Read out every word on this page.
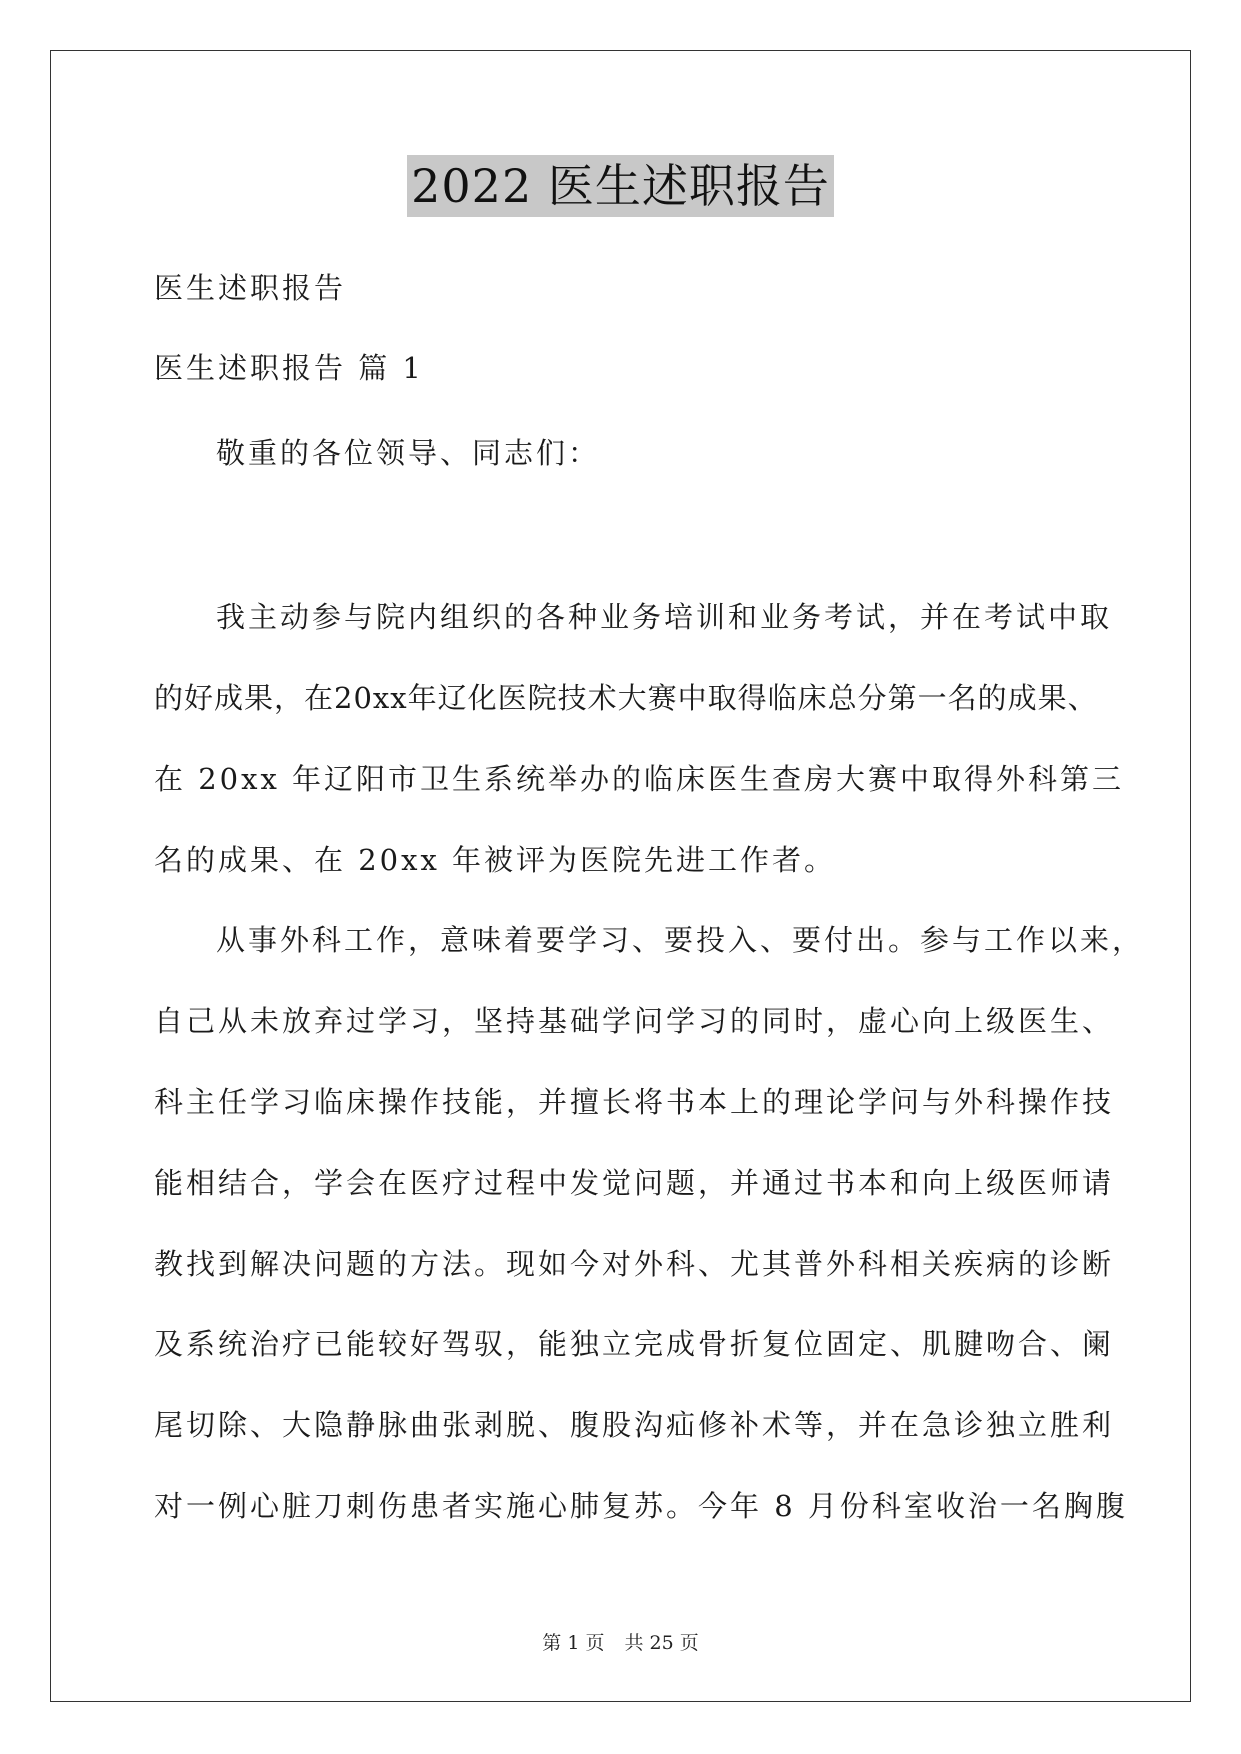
2022 医生述职报告
医生述职报告
医生述职报告 篇 1
敬重的各位领导、同志们：
我主动参与院内组织的各种业务培训和业务考试，并在考试中取
的好成果，在20xx年辽化医院技术大赛中取得临床总分第一名的成果、
在 20xx 年辽阳市卫生系统举办的临床医生查房大赛中取得外科第三
名的成果、在 20xx 年被评为医院先进工作者。
从事外科工作，意味着要学习、要投入、要付出。参与工作以来，
自己从未放弃过学习，坚持基础学问学习的同时，虚心向上级医生、
科主任学习临床操作技能，并擅长将书本上的理论学问与外科操作技
能相结合，学会在医疗过程中发觉问题，并通过书本和向上级医师请
教找到解决问题的方法。现如今对外科、尤其普外科相关疾病的诊断
及系统治疗已能较好驾驭，能独立完成骨折复位固定、肌腱吻合、阑
尾切除、大隐静脉曲张剥脱、腹股沟疝修补术等，并在急诊独立胜利
对一例心脏刀刺伤患者实施心肺复苏。今年 8 月份科室收治一名胸腹
第 1 页 共 25 页
